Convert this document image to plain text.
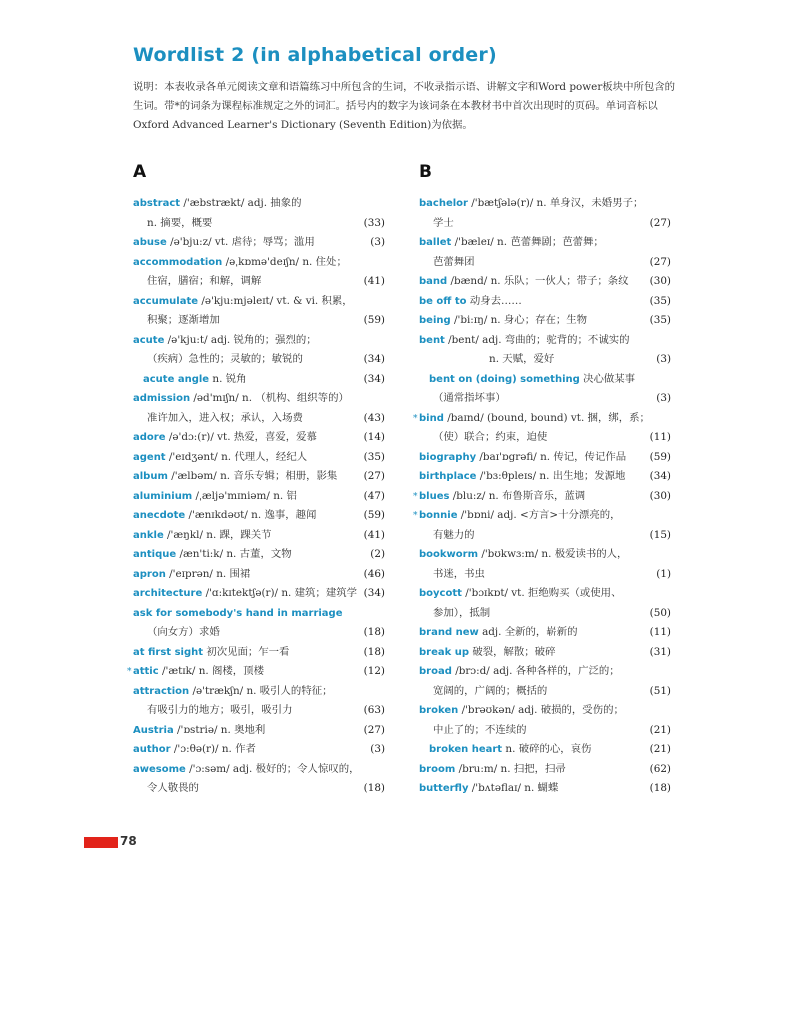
Wordlist 2 (in alphabetical order)

说明：本表收录各单元阅读文章和语篇练习中所包含的生词，不收录指示语、讲解文字和Word power板块中所包含的生词。带*的词条为课程标准规定之外的词汇。括号内的数字为该词条在本教材书中首次出现时的页码。单词音标以Oxford Advanced Learner's Dictionary (Seventh Edition)为依据。

A
abstract /'æbstrækt/ adj. 抽象的
n. 摘要，概要	(33)
abuse /ə'bju:z/ vt. 虐待；辱骂；滥用	(3)
accommodation /əˌkɒmə'deɪʃn/ n. 住处；
住宿，膳宿；和解，调解	(41)
accumulate /ə'kju:mjəleɪt/ vt. & vi. 积累，
积聚；逐渐增加	(59)
acute /ə'kju:t/ adj. 锐角的；强烈的；
（疾病）急性的；灵敏的；敏锐的	(34)
acute angle n. 锐角	(34)
admission /əd'mɪʃn/ n. （机构、组织等的）
准许加入，进入权；承认，入场费	(43)
adore /ə'dɔ:(r)/ vt. 热爱，喜爱，爱慕	(14)
agent /'eɪdʒənt/ n. 代理人，经纪人	(35)
album /'ælbəm/ n. 音乐专辑；相册，影集	(27)
aluminium /ˌæljə'mɪniəm/ n. 铝	(47)
anecdote /'ænɪkdəʊt/ n. 逸事，趣闻	(59)
ankle /'æŋkl/ n. 踝，踝关节	(41)
antique /æn'ti:k/ n. 古董，文物	(2)
apron /'eɪprən/ n. 围裙	(46)
architecture /'ɑ:kɪtektʃə(r)/ n. 建筑；建筑学 (34)
ask for somebody's hand in marriage
（向女方）求婚	(18)
at first sight 初次见面；乍一看	(18)
* attic /'ætɪk/ n. 阁楼，顶楼	(12)
attraction /ə'trækʃn/ n. 吸引人的特征；
有吸引力的地方；吸引，吸引力	(63)
Austria /'ɒstriə/ n. 奥地利	(27)
author /'ɔ:θə(r)/ n. 作者	(3)
awesome /'ɔ:səm/ adj. 极好的；令人惊叹的，
令人敬畏的	(18)
B
bachelor /'bætʃələ(r)/ n. 单身汉，未婚男子；
学士	(27)
ballet /'bæleɪ/ n. 芭蕾舞剧；芭蕾舞；
芭蕾舞团	(27)
band /bænd/ n. 乐队；一伙人；带子；条纹	(30)
be off to 动身去……	(35)
being /'bi:ɪŋ/ n. 身心；存在；生物	(35)
bent /bent/ adj. 弯曲的；驼背的；不诚实的
n. 天赋，爱好	(3)
bent on (doing) something 决心做某事
（通常指坏事）	(3)
* bind /baɪnd/ (bound, bound) vt. 捆，绑，系；
（使）联合；约束，迫使	(11)
biography /baɪ'ɒgrəfi/ n. 传记，传记作品	(59)
birthplace /'bɜ:θpleɪs/ n. 出生地；发源地	(34)
* blues /blu:z/ n. 布鲁斯音乐，蓝调	(30)
* bonnie /'bɒni/ adj. <方言>十分漂亮的，
有魅力的	(15)
bookworm /'bʊkwɜ:m/ n. 极爱读书的人，
书迷，书虫	(1)
boycott /'bɔɪkɒt/ vt. 拒绝购买（或使用、
参加），抵制	(50)
brand new adj. 全新的，崭新的	(11)
break up 破裂，解散；破碎	(31)
broad /brɔ:d/ adj. 各种各样的，广泛的；
宽阔的，广阔的；概括的	(51)
broken /'brəʊkən/ adj. 破损的，受伤的；
中止了的；不连续的	(21)
broken heart n. 破碎的心，哀伤	(21)
broom /bru:m/ n. 扫把，扫帚	(62)
butterfly /'bʌtəflaɪ/ n. 蝴蝶	(18)
78
